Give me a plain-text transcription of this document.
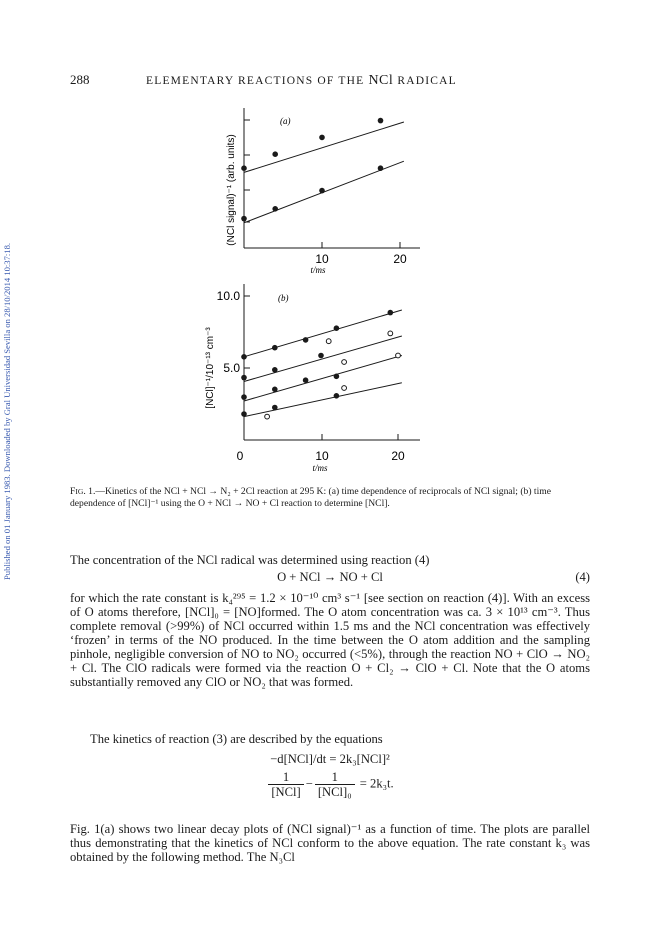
Published on 01 January 1983. Downloaded by Gral Universidad Sevilla on 28/10/2014 10:37:18.
288	ELEMENTARY REACTIONS OF THE NCl RADICAL
(a)
(NCl signal)⁻¹ (arb. units)
10	20
t/ms
(b)
10.0
5.0
[NCl]⁻¹/10⁻¹³ cm⁻³
0	10	20
t/ms
FIG. 1.—Kinetics of the NCl + NCl → N₂ + 2Cl reaction at 295 K: (a) time dependence of reciprocals of NCl signal; (b) time dependence of [NCl]⁻¹ using the O + NCl → NO + Cl reaction to determine [NCl].
The concentration of the NCl radical was determined using reaction (4)
O + NCl → NO + Cl	(4)
for which the rate constant is k₄²⁹⁵ = 1.2 × 10⁻¹⁰ cm³ s⁻¹ [see section on reaction (4)]. With an excess of O atoms therefore, [NCl]₀ = [NO]formed. The O atom concentration was ca. 3 × 10¹³ cm⁻³. Thus complete removal (>99%) of NCl occurred within 1.5 ms and the NCl concentration was effectively ‘frozen’ in terms of the NO produced. In the time between the O atom addition and the sampling pinhole, negligible conversion of NO to NO₂ occurred (<5%), through the reaction NO + ClO → NO₂ + Cl. The ClO radicals were formed via the reaction O + Cl₂ → ClO + Cl. Note that the O atoms substantially removed any ClO or NO₂ that was formed.
The kinetics of reaction (3) are described by the equations
−d[NCl]/dt = 2k₃[NCl]²
$\frac{1}{\text{[NCl]}} - \frac{1}{\text{[NCl]₀}} = 2k_3t$.
Fig. 1(a) shows two linear decay plots of (NCl signal)⁻¹ as a function of time. The plots are parallel thus demonstrating that the kinetics of NCl conform to the above equation. The rate constant k₃ was obtained by the following method. The N₃Cl
